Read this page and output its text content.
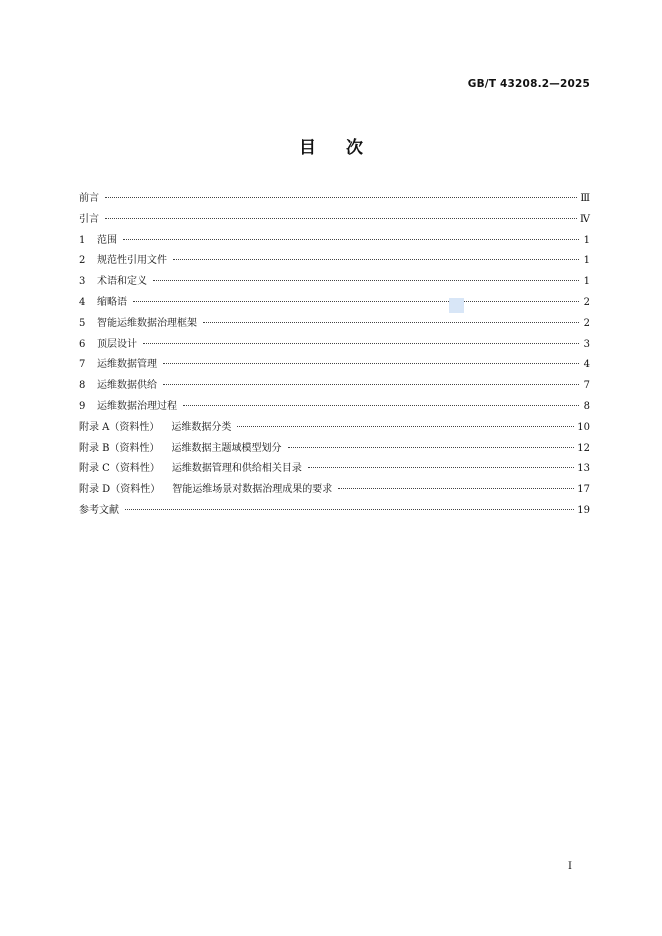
GB/T 43208.2—2025
目次
前言	Ⅲ
引言	Ⅳ
1	范围	1
2	规范性引用文件	1
3	术语和定义	1
4	缩略语	2
5	智能运维数据治理框架	2
6	顶层设计	3
7	运维数据管理	4
8	运维数据供给	7
9	运维数据治理过程	8
附录 A（资料性）	运维数据分类	10
附录 B（资料性）	运维数据主题域模型划分	12
附录 C（资料性）	运维数据管理和供给相关目录	13
附录 D（资料性）	智能运维场景对数据治理成果的要求	17
参考文献	19
Ⅰ
